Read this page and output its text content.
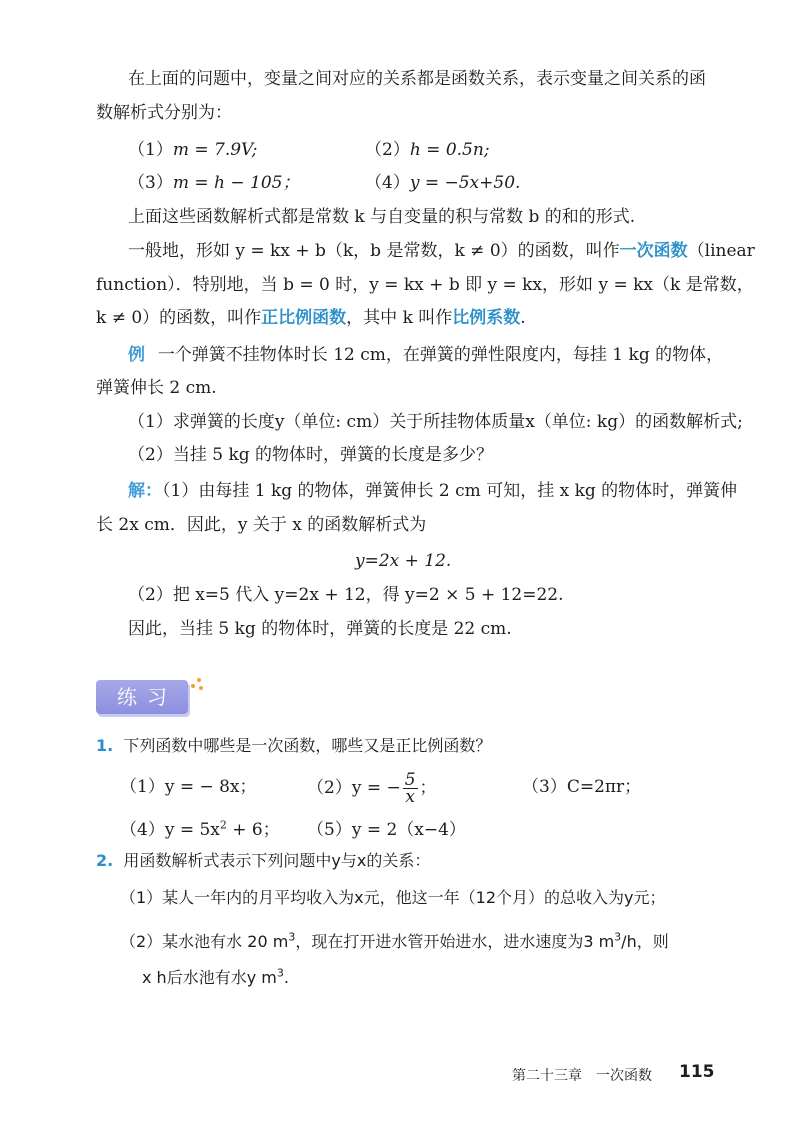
在上面的问题中，变量之间对应的关系都是函数关系，表示变量之间关系的函
数解析式分别为：
（1）m = 7.9V;	（2）h = 0.5n;
（3）m = h − 105；	（4）y = −5x+50.
上面这些函数解析式都是常数 k 与自变量的积与常数 b 的和的形式.
一般地，形如 y = kx + b（k，b 是常数，k ≠ 0）的函数，叫作一次函数（linear
function）．特别地，当 b = 0 时，y = kx + b 即 y = kx，形如 y = kx（k 是常数，
k ≠ 0）的函数，叫作正比例函数，其中 k 叫作比例系数.
例 一个弹簧不挂物体时长 12 cm，在弹簧的弹性限度内，每挂 1 kg 的物体，
弹簧伸长 2 cm.
（1）求弹簧的长度y（单位: cm）关于所挂物体质量x（单位: kg）的函数解析式;
（2）当挂 5 kg 的物体时，弹簧的长度是多少？
解：（1）由每挂 1 kg 的物体，弹簧伸长 2 cm 可知，挂 x kg 的物体时，弹簧伸
长 2x cm．因此，y 关于 x 的函数解析式为
y=2x + 12.
（2）把 x=5 代入 y=2x + 12，得 y=2 × 5 + 12=22.
因此，当挂 5 kg 的物体时，弹簧的长度是 22 cm.
练习
1. 下列函数中哪些是一次函数，哪些又是正比例函数？
（1）y = − 8x；	（2）y = − $\frac{5}{x}$ ；	（3）C=2πr；
$(4)y = 5x^2 + 6$； （5）y = 2（x−4）
2. 用函数解析式表示下列问题中y与x的关系：
（1）某人一年内的月平均收入为x元，他这一年（12个月）的总收入为y元；
（2）某水池有水 20 $m^3$，现在打开进水管开始进水，进水速度为3 $m^3/h$，则
x h后水池有水y $m^3$.
第二十三章　一次函数 115
